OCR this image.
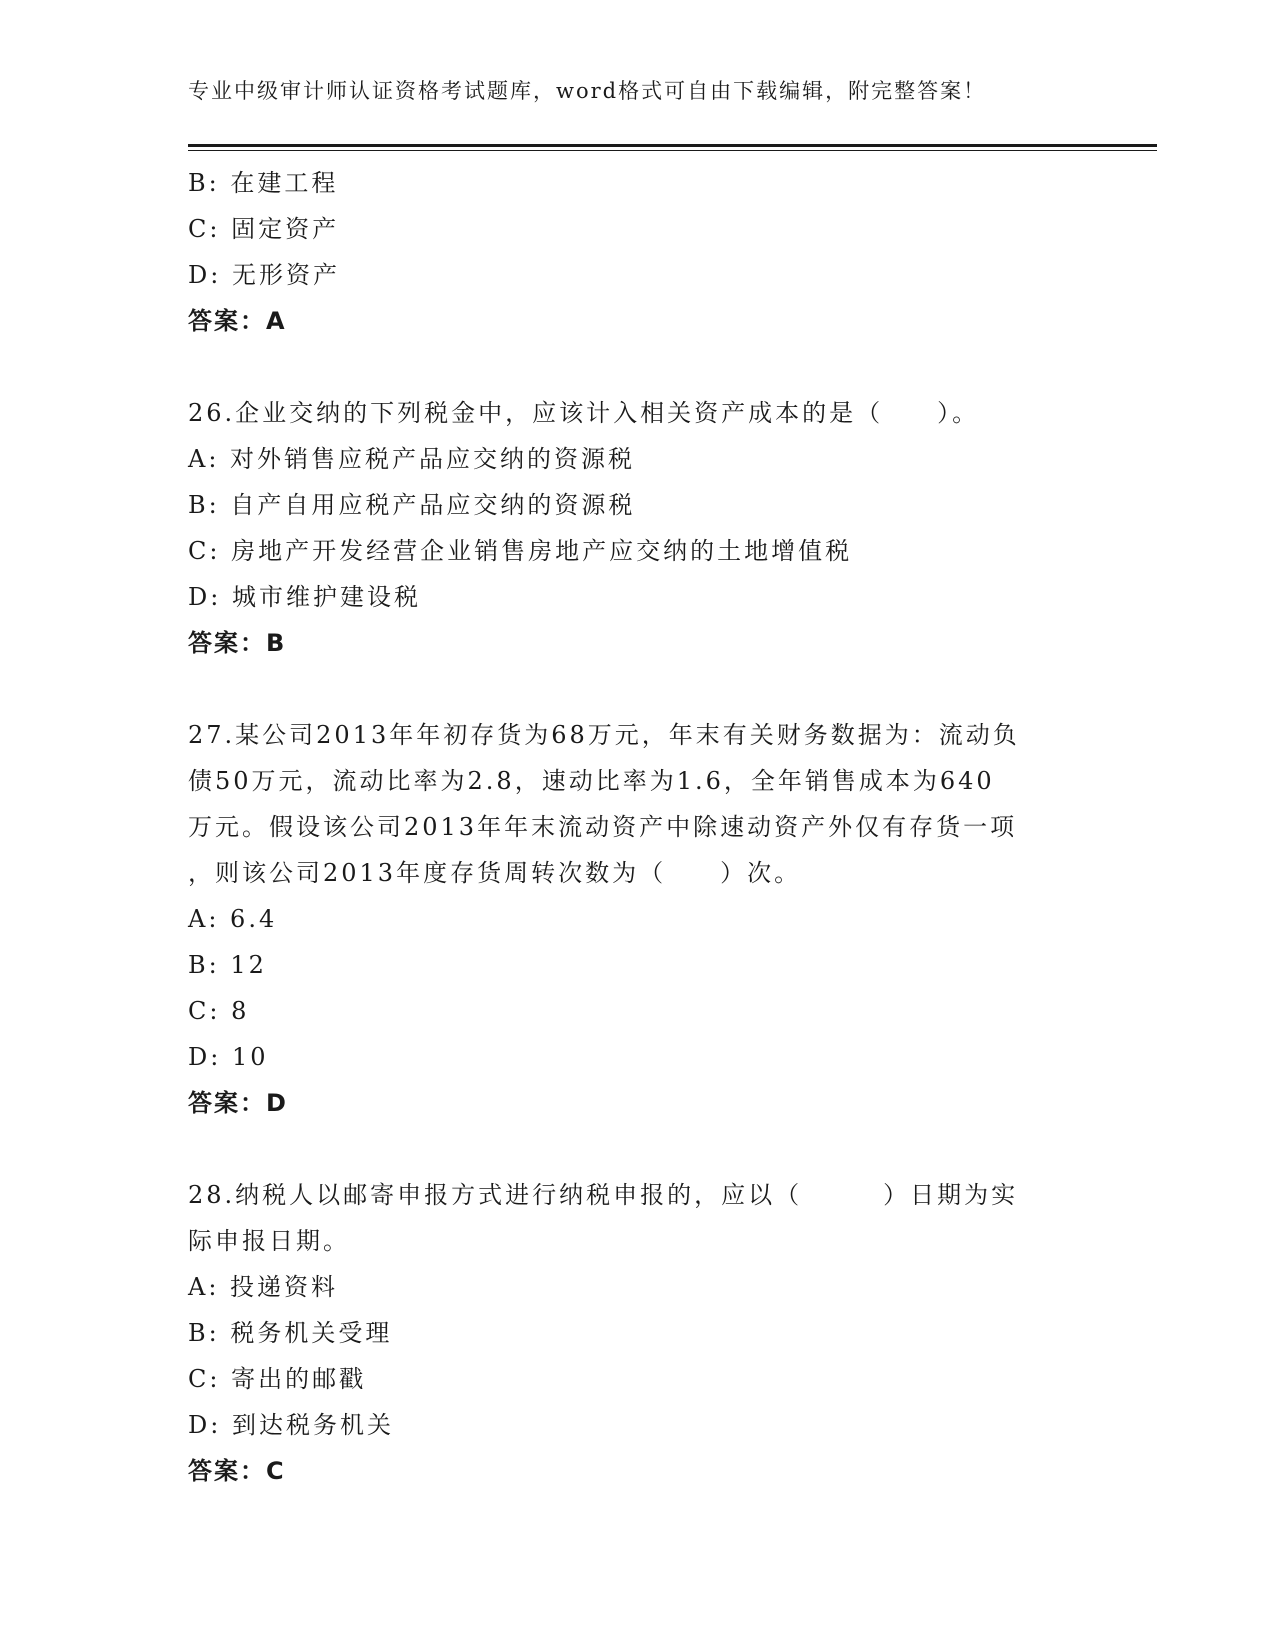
专业中级审计师认证资格考试题库，word格式可自由下载编辑，附完整答案！
B: 在建工程
C: 固定资产
D: 无形资产
答案：A
26.企业交纳的下列税金中，应该计入相关资产成本的是（　　）。
A: 对外销售应税产品应交纳的资源税
B: 自产自用应税产品应交纳的资源税
C: 房地产开发经营企业销售房地产应交纳的土地增值税
D: 城市维护建设税
答案：B
27.某公司2013年年初存货为68万元，年末有关财务数据为：流动负
债50万元，流动比率为2.8，速动比率为1.6，全年销售成本为640
万元。假设该公司2013年年末流动资产中除速动资产外仅有存货一项
，则该公司2013年度存货周转次数为（　　）次。
A: 6.4
B: 12
C: 8
D: 10
答案：D
28.纳税人以邮寄申报方式进行纳税申报的，应以（　　　）日期为实
际申报日期。
A: 投递资料
B: 税务机关受理
C: 寄出的邮戳
D: 到达税务机关
答案：C
